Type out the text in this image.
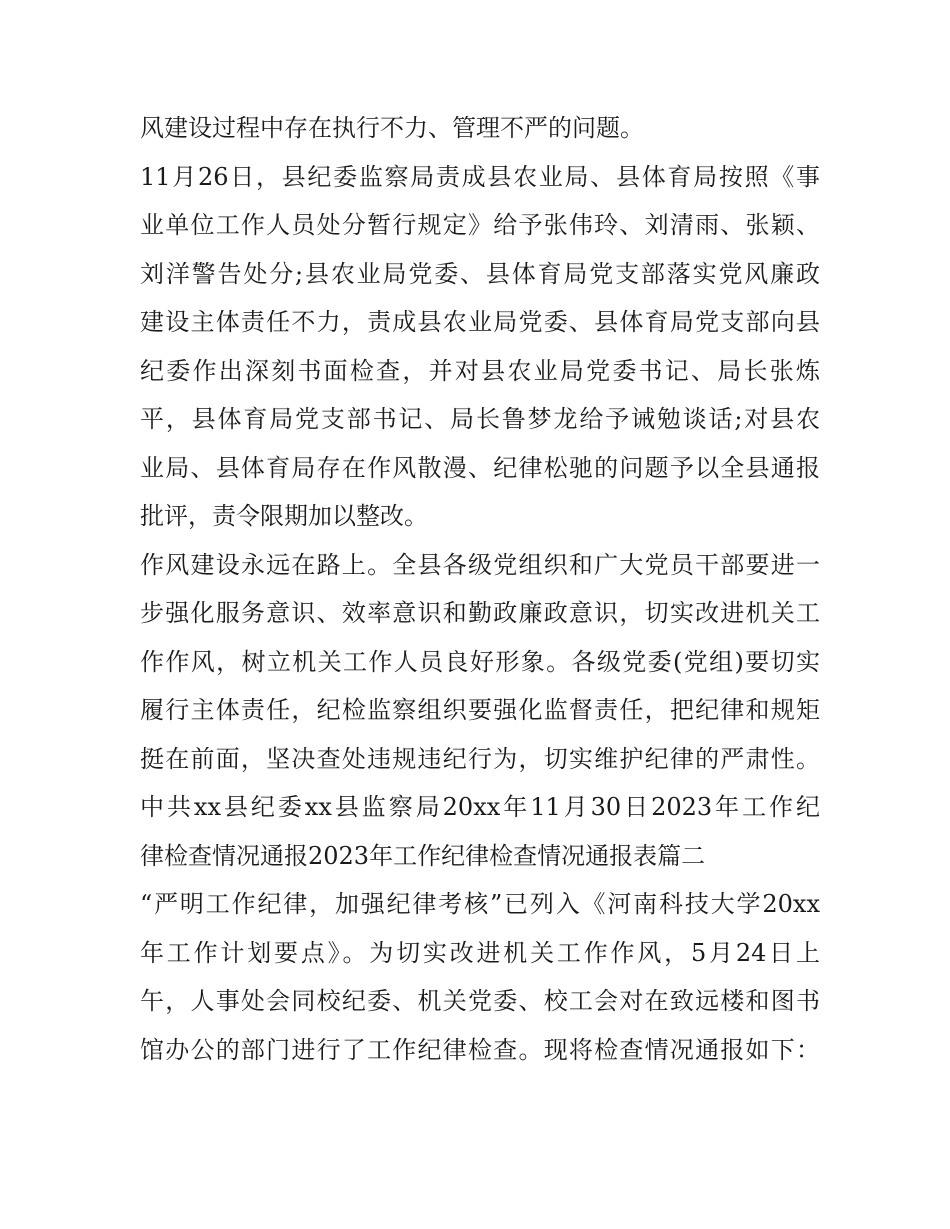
风建设过程中存在执行不力、管理不严的问题。
11月26日，县纪委监察局责成县农业局、县体育局按照《事
业单位工作人员处分暂行规定》给予张伟玲、刘清雨、张颖、
刘洋警告处分;县农业局党委、县体育局党支部落实党风廉政
建设主体责任不力，责成县农业局党委、县体育局党支部向县
纪委作出深刻书面检查，并对县农业局党委书记、局长张炼
平，县体育局党支部书记、局长鲁梦龙给予诫勉谈话;对县农
业局、县体育局存在作风散漫、纪律松驰的问题予以全县通报
批评，责令限期加以整改。
作风建设永远在路上。全县各级党组织和广大党员干部要进一
步强化服务意识、效率意识和勤政廉政意识，切实改进机关工
作作风，树立机关工作人员良好形象。各级党委(党组)要切实
履行主体责任，纪检监察组织要强化监督责任，把纪律和规矩
挺在前面，坚决查处违规违纪行为，切实维护纪律的严肃性。
中共xx县纪委xx县监察局20xx年11月30日2023年工作纪
律检查情况通报2023年工作纪律检查情况通报表篇二
“严明工作纪律，加强纪律考核”已列入《河南科技大学20xx
年工作计划要点》。为切实改进机关工作作风，5月24日上
午，人事处会同校纪委、机关党委、校工会对在致远楼和图书
馆办公的部门进行了工作纪律检查。现将检查情况通报如下：
